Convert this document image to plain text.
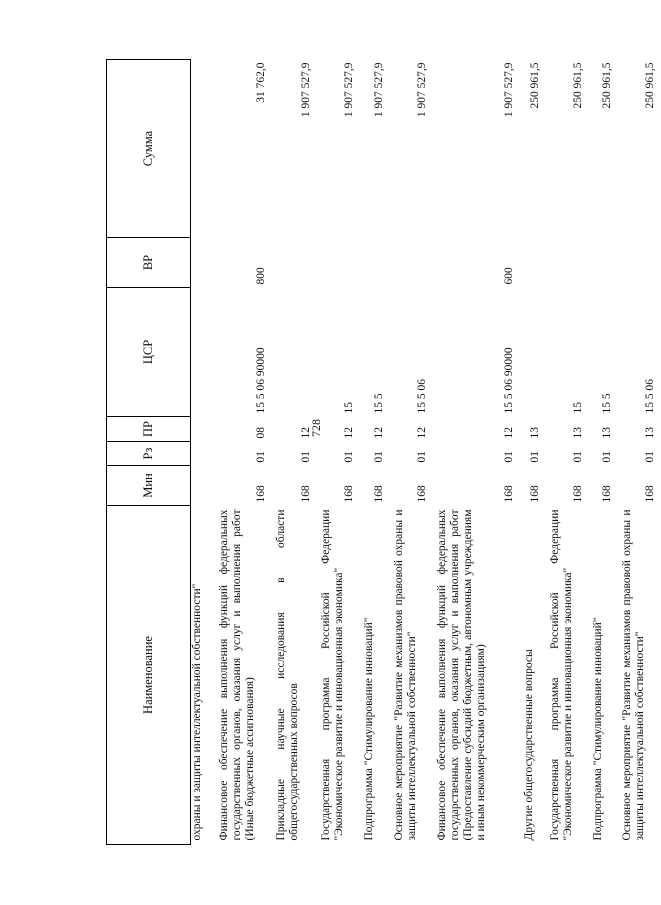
728
Наименование	Мин	Рз	ПР	ЦСР	ВР	Сумма
охраны и защиты интеллектуальной собственности"						
Финансовое обеспечение выполнения функций федеральных государственных органов, оказания услуг и выполнения работ (Иные бюджетные ассигнования)	168	01	08	15 5 06 90000	800	31 762,0
Прикладные научные исследования в области общегосударственных вопросов	168	01	12			1 907 527,9
Государственная программа Российской Федерации "Экономическое развитие и инновационная экономика"	168	01	12	15		1 907 527,9
Подпрограмма "Стимулирование инноваций"	168	01	12	15 5		1 907 527,9
Основное мероприятие "Развитие механизмов правовой охраны и защиты интеллектуальной собственности"	168	01	12	15 5 06		1 907 527,9
Финансовое обеспечение выполнения функций федеральных государственных органов, оказания услуг и выполнения работ (Предоставление субсидий бюджетным, автономным учреждениям и иным некоммерческим организациям)	168	01	12	15 5 06 90000	600	1 907 527,9
Другие общегосударственные вопросы	168	01	13			250 961,5
Государственная программа Российской Федерации "Экономическое развитие и инновационная экономика"	168	01	13	15		250 961,5
Подпрограмма "Стимулирование инноваций"	168	01	13	15 5		250 961,5
Основное мероприятие "Развитие механизмов правовой охраны и защиты интеллектуальной собственности"	168	01	13	15 5 06		250 961,5
